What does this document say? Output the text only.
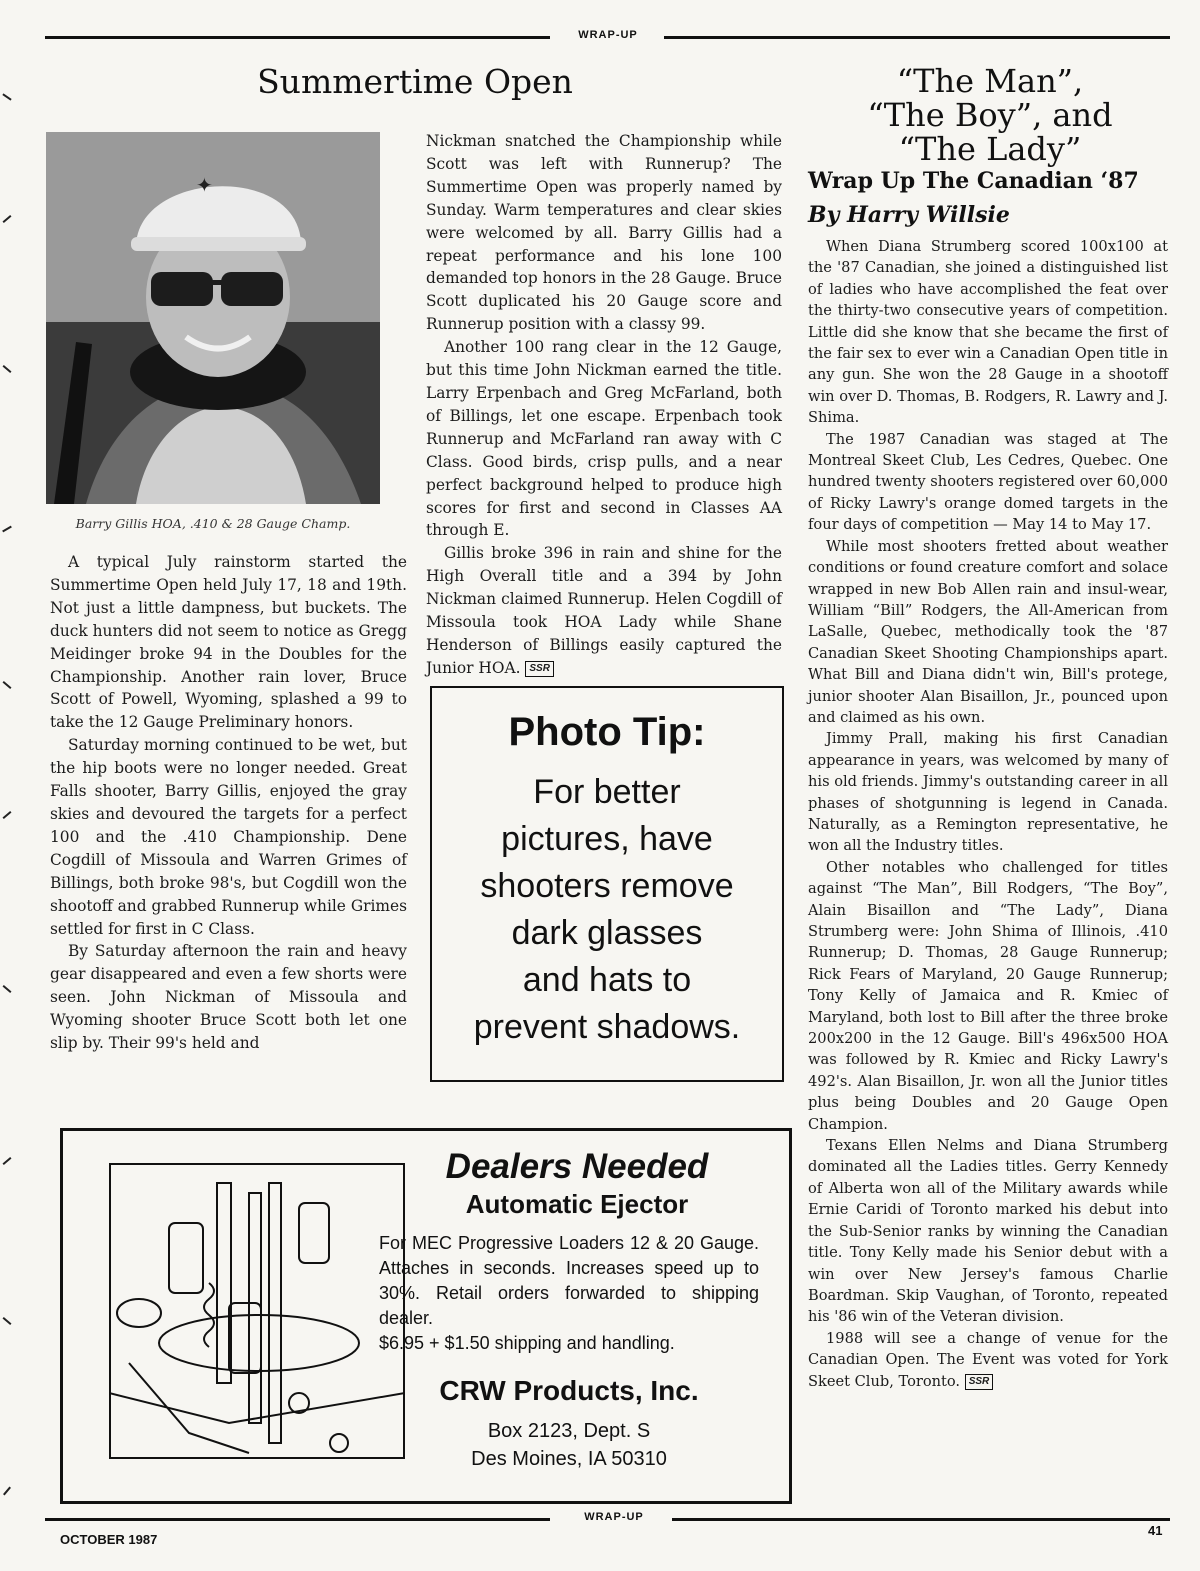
WRAP-UP
Summertime Open
✦
Barry Gillis HOA, .410 & 28 Gauge Champ.

A typical July rainstorm started the Summertime Open held July 17, 18 and 19th. Not just a little dampness, but buckets. The duck hunters did not seem to notice as Gregg Meidinger broke 94 in the Doubles for the Championship. Another rain lover, Bruce Scott of Powell, Wyoming, splashed a 99 to take the 12 Gauge Preliminary honors.

Saturday morning continued to be wet, but the hip boots were no longer needed. Great Falls shooter, Barry Gillis, enjoyed the gray skies and devoured the targets for a perfect 100 and the .410 Championship. Dene Cogdill of Missoula and Warren Grimes of Billings, both broke 98's, but Cogdill won the shootoff and grabbed Runnerup while Grimes settled for first in C Class.

By Saturday afternoon the rain and heavy gear disappeared and even a few shorts were seen. John Nickman of Missoula and Wyoming shooter Bruce Scott both let one slip by. Their 99's held and

Nickman snatched the Championship while Scott was left with Runnerup? The Summertime Open was properly named by Sunday. Warm temperatures and clear skies were welcomed by all. Barry Gillis had a repeat performance and his lone 100 demanded top honors in the 28 Gauge. Bruce Scott duplicated his 20 Gauge score and Runnerup position with a classy 99.

Another 100 rang clear in the 12 Gauge, but this time John Nickman earned the title. Larry Erpenbach and Greg McFarland, both of Billings, let one escape. Erpenbach took Runnerup and McFarland ran away with C Class. Good birds, crisp pulls, and a near perfect background helped to produce high scores for first and second in Classes AA through E.

Gillis broke 396 in rain and shine for the High Overall title and a 394 by John Nickman claimed Runnerup. Helen Cogdill of Missoula took HOA Lady while Shane Henderson of Billings easily captured the Junior HOA. SSR

Photo Tip:
For better
pictures, have
shooters remove
dark glasses
and hats to
prevent shadows.
Dealers Needed
Automatic Ejector
For MEC Progressive Loaders 12 & 20 Gauge. Attaches in seconds. Increases speed up to 30%. Retail orders forwarded to shipping dealer.
$6.95 + $1.50 shipping and handling.
CRW Products, Inc.
Box 2123, Dept. S
Des Moines, IA 50310
“The Man”,
“The Boy”, and
“The Lady”
Wrap Up The Canadian ‘87
By Harry Willsie

When Diana Strumberg scored 100x100 at the '87 Canadian, she joined a distinguished list of ladies who have accomplished the feat over the thirty-two consecutive years of competition. Little did she know that she became the first of the fair sex to ever win a Canadian Open title in any gun. She won the 28 Gauge in a shootoff win over D. Thomas, B. Rodgers, R. Lawry and J. Shima.

The 1987 Canadian was staged at The Montreal Skeet Club, Les Cedres, Quebec. One hundred twenty shooters registered over 60,000 of Ricky Lawry's orange domed targets in the four days of competition — May 14 to May 17.

While most shooters fretted about weather conditions or found creature comfort and solace wrapped in new Bob Allen rain and insul-wear, William “Bill” Rodgers, the All-American from LaSalle, Quebec, methodically took the '87 Canadian Skeet Shooting Championships apart. What Bill and Diana didn't win, Bill's protege, junior shooter Alan Bisaillon, Jr., pounced upon and claimed as his own.

Jimmy Prall, making his first Canadian appearance in years, was welcomed by many of his old friends. Jimmy's outstanding career in all phases of shotgunning is legend in Canada. Naturally, as a Remington representative, he won all the Industry titles.

Other notables who challenged for titles against “The Man”, Bill Rodgers, “The Boy”, Alain Bisaillon and “The Lady”, Diana Strumberg were: John Shima of Illinois, .410 Runnerup; D. Thomas, 28 Gauge Runnerup; Rick Fears of Maryland, 20 Gauge Runnerup; Tony Kelly of Jamaica and R. Kmiec of Maryland, both lost to Bill after the three broke 200x200 in the 12 Gauge. Bill's 496x500 HOA was followed by R. Kmiec and Ricky Lawry's 492's. Alan Bisaillon, Jr. won all the Junior titles plus being Doubles and 20 Gauge Open Champion.

Texans Ellen Nelms and Diana Strumberg dominated all the Ladies titles. Gerry Kennedy of Alberta won all of the Military awards while Ernie Caridi of Toronto marked his debut into the Sub-Senior ranks by winning the Canadian title. Tony Kelly made his Senior debut with a win over New Jersey's famous Charlie Boardman. Skip Vaughan, of Toronto, repeated his '86 win of the Veteran division.

1988 will see a change of venue for the Canadian Open. The Event was voted for York Skeet Club, Toronto. SSR

WRAP-UP
OCTOBER 1987
41
